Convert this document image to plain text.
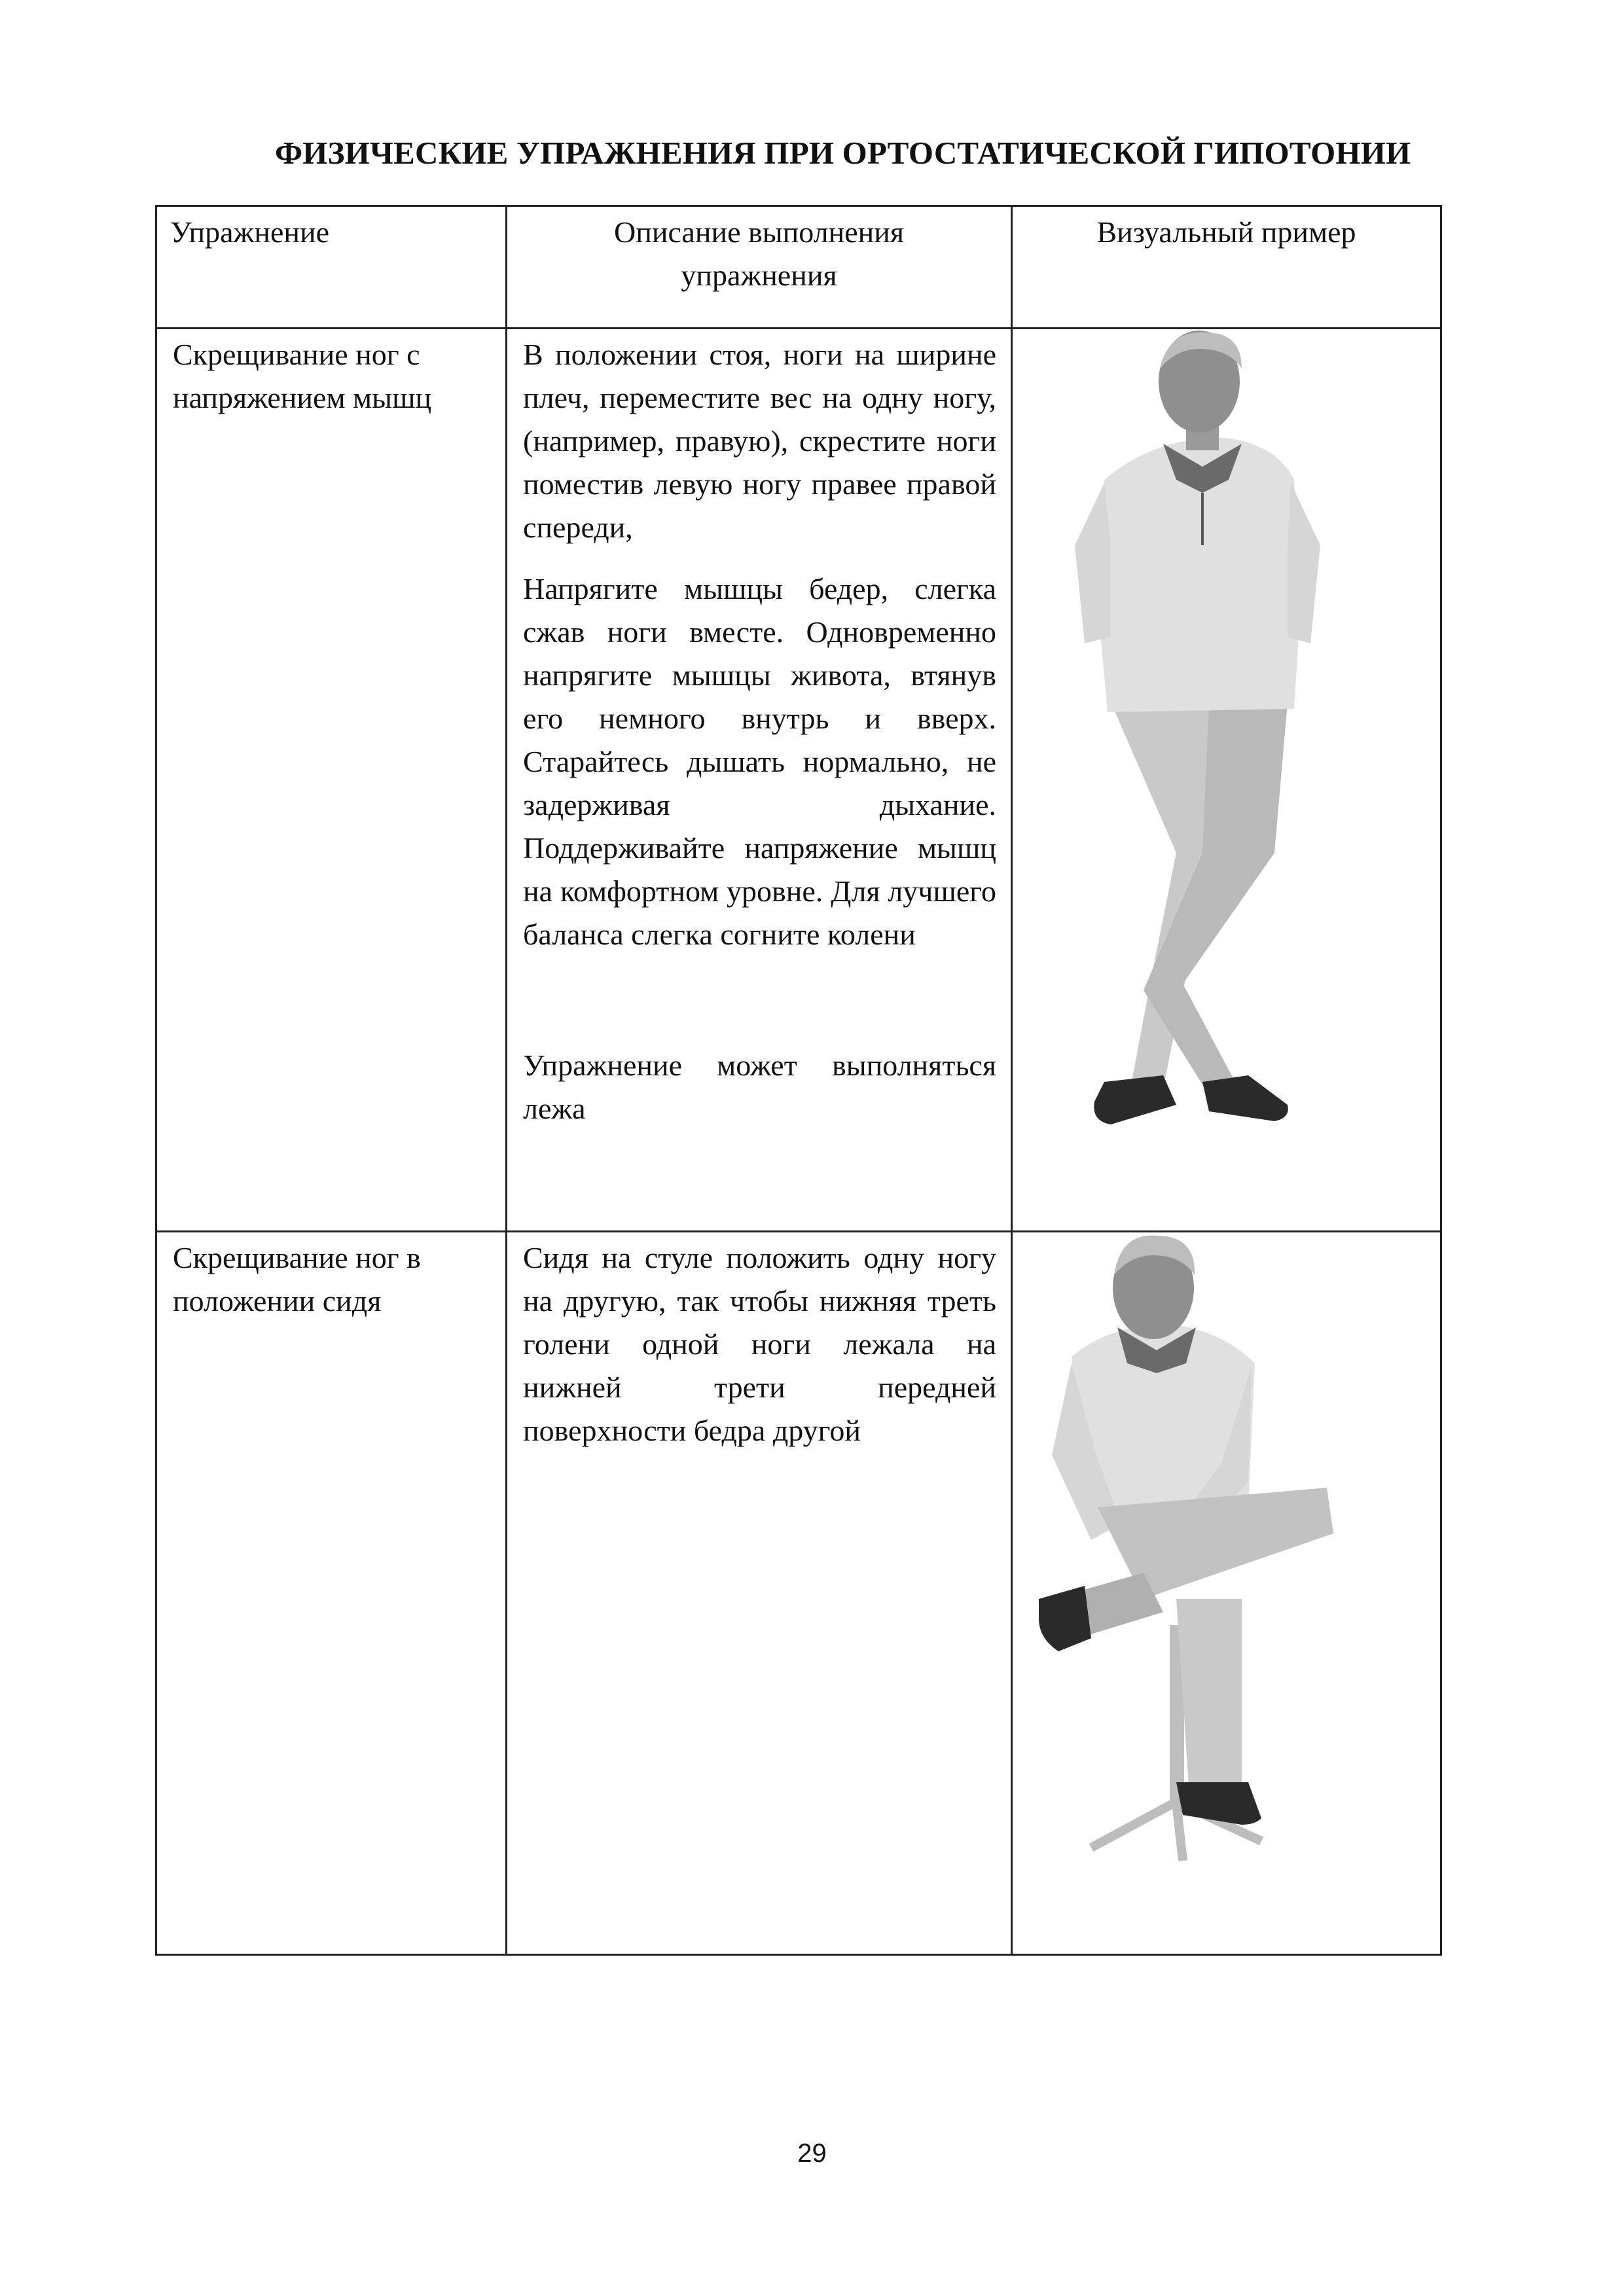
ФИЗИЧЕСКИЕ УПРАЖНЕНИЯ ПРИ ОРТОСТАТИЧЕСКОЙ ГИПОТОНИИ
Упражнение	Описание выполнения упражнения	Визуальный пример
Скрещивание ног с напряжением мышц	В положении стоя, ноги на ширине плеч, переместите вес на одну ногу, (например, правую), скрестите ноги поместив левую ногу правее правой спереди,

Напрягите мышцы бедер, слегка сжав ноги вместе. Одновременно напрягите мышцы живота, втянув его немного внутрь и вверх. Старайтесь дышать нормально, не задерживая дыхание. Поддерживайте напряжение мышц на комфортном уровне. Для лучшего баланса слегка согните колени

Упражнение может выполняться лежа

Скрещивание ног в положении сидя	Сидя на стуле положить одну ногу на другую, так чтобы нижняя треть голени одной ноги лежала на нижней трети передней поверхности бедра другой

29
